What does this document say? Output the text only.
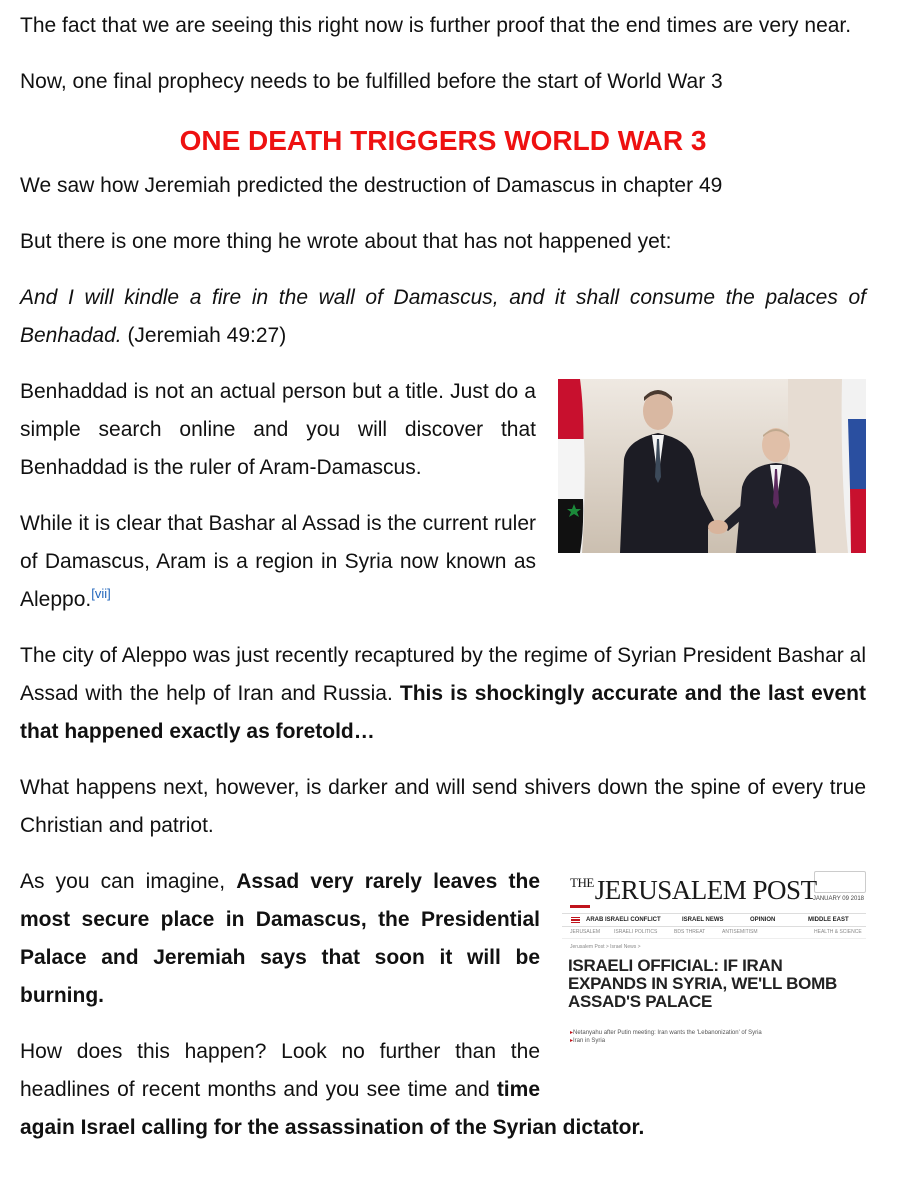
The fact that we are seeing this right now is further proof that the end times are very near.

Now, one final prophecy needs to be fulfilled before the start of World War 3

ONE DEATH TRIGGERS WORLD WAR 3

We saw how Jeremiah predicted the destruction of Damascus in chapter 49

But there is one more thing he wrote about that has not happened yet:

And I will kindle a fire in the wall of Damascus, and it shall consume the palaces of Benhadad. (Jeremiah 49:27)

Benhaddad is not an actual person but a title. Just do a simple search online and you will discover that Benhaddad is the ruler of Aram-Damascus.

While it is clear that Bashar al Assad is the current ruler of Damascus, Aram is a region in Syria now known as Aleppo.[vii]

The city of Aleppo was just recently recaptured by the regime of Syrian President Bashar al Assad with the help of Iran and Russia. This is shockingly accurate and the last event that happened exactly as foretold…

What happens next, however, is darker and will send shivers down the spine of every true Christian and patriot.

THEJERUSALEM POST
JANUARY 09 2018
ARAB ISRAELI CONFLICT	ISRAEL NEWS	OPINION	MIDDLE EAST
JERUSALEM	ISRAELI POLITICS	BDS THREAT	ANTISEMITISM	HEALTH & SCIENCE
Jerusalem Post > Israel News >
ISRAELI OFFICIAL: IF IRAN EXPANDS IN SYRIA, WE'LL BOMB ASSAD'S PALACE
▸ Netanyahu after Putin meeting: Iran wants the 'Lebanonization' of Syria
▸ Iran in Syria

As you can imagine, Assad very rarely leaves the most secure place in Damascus, the Presidential Palace and Jeremiah says that soon it will be burning.

How does this happen? Look no further than the headlines of recent months and you see time and time again Israel calling for the assassination of the Syrian dictator.
